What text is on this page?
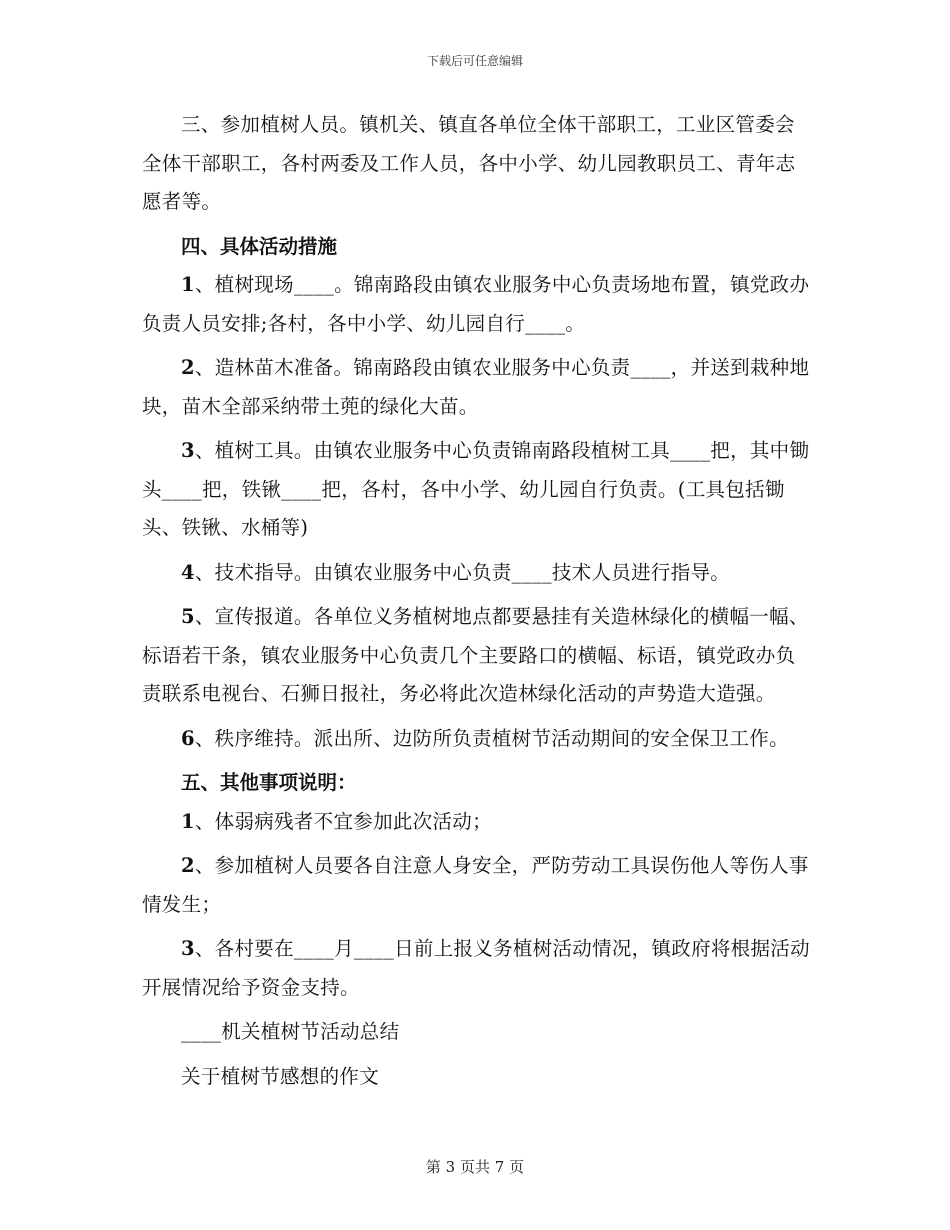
下载后可任意编辑

三、参加植树人员。镇机关、镇直各单位全体干部职工，工业区管委会全体干部职工，各村两委及工作人员，各中小学、幼儿园教职员工、青年志愿者等。

四、具体活动措施

1、植树现场____。锦南路段由镇农业服务中心负责场地布置，镇党政办负责人员安排;各村，各中小学、幼儿园自行____。

2、造林苗木准备。锦南路段由镇农业服务中心负责____，并送到栽种地块，苗木全部采纳带土蔸的绿化大苗。

3、植树工具。由镇农业服务中心负责锦南路段植树工具____把，其中锄头____把，铁锹____把，各村，各中小学、幼儿园自行负责。(工具包括锄头、铁锹、水桶等)

4、技术指导。由镇农业服务中心负责____技术人员进行指导。

5、宣传报道。各单位义务植树地点都要悬挂有关造林绿化的横幅一幅、标语若干条，镇农业服务中心负责几个主要路口的横幅、标语，镇党政办负责联系电视台、石狮日报社，务必将此次造林绿化活动的声势造大造强。

6、秩序维持。派出所、边防所负责植树节活动期间的安全保卫工作。

五、其他事项说明：

1、体弱病残者不宜参加此次活动；

2、参加植树人员要各自注意人身安全，严防劳动工具误伤他人等伤人事情发生；

3、各村要在____月____日前上报义务植树活动情况，镇政府将根据活动开展情况给予资金支持。

____机关植树节活动总结

关于植树节感想的作文

第 3 页共 7 页
